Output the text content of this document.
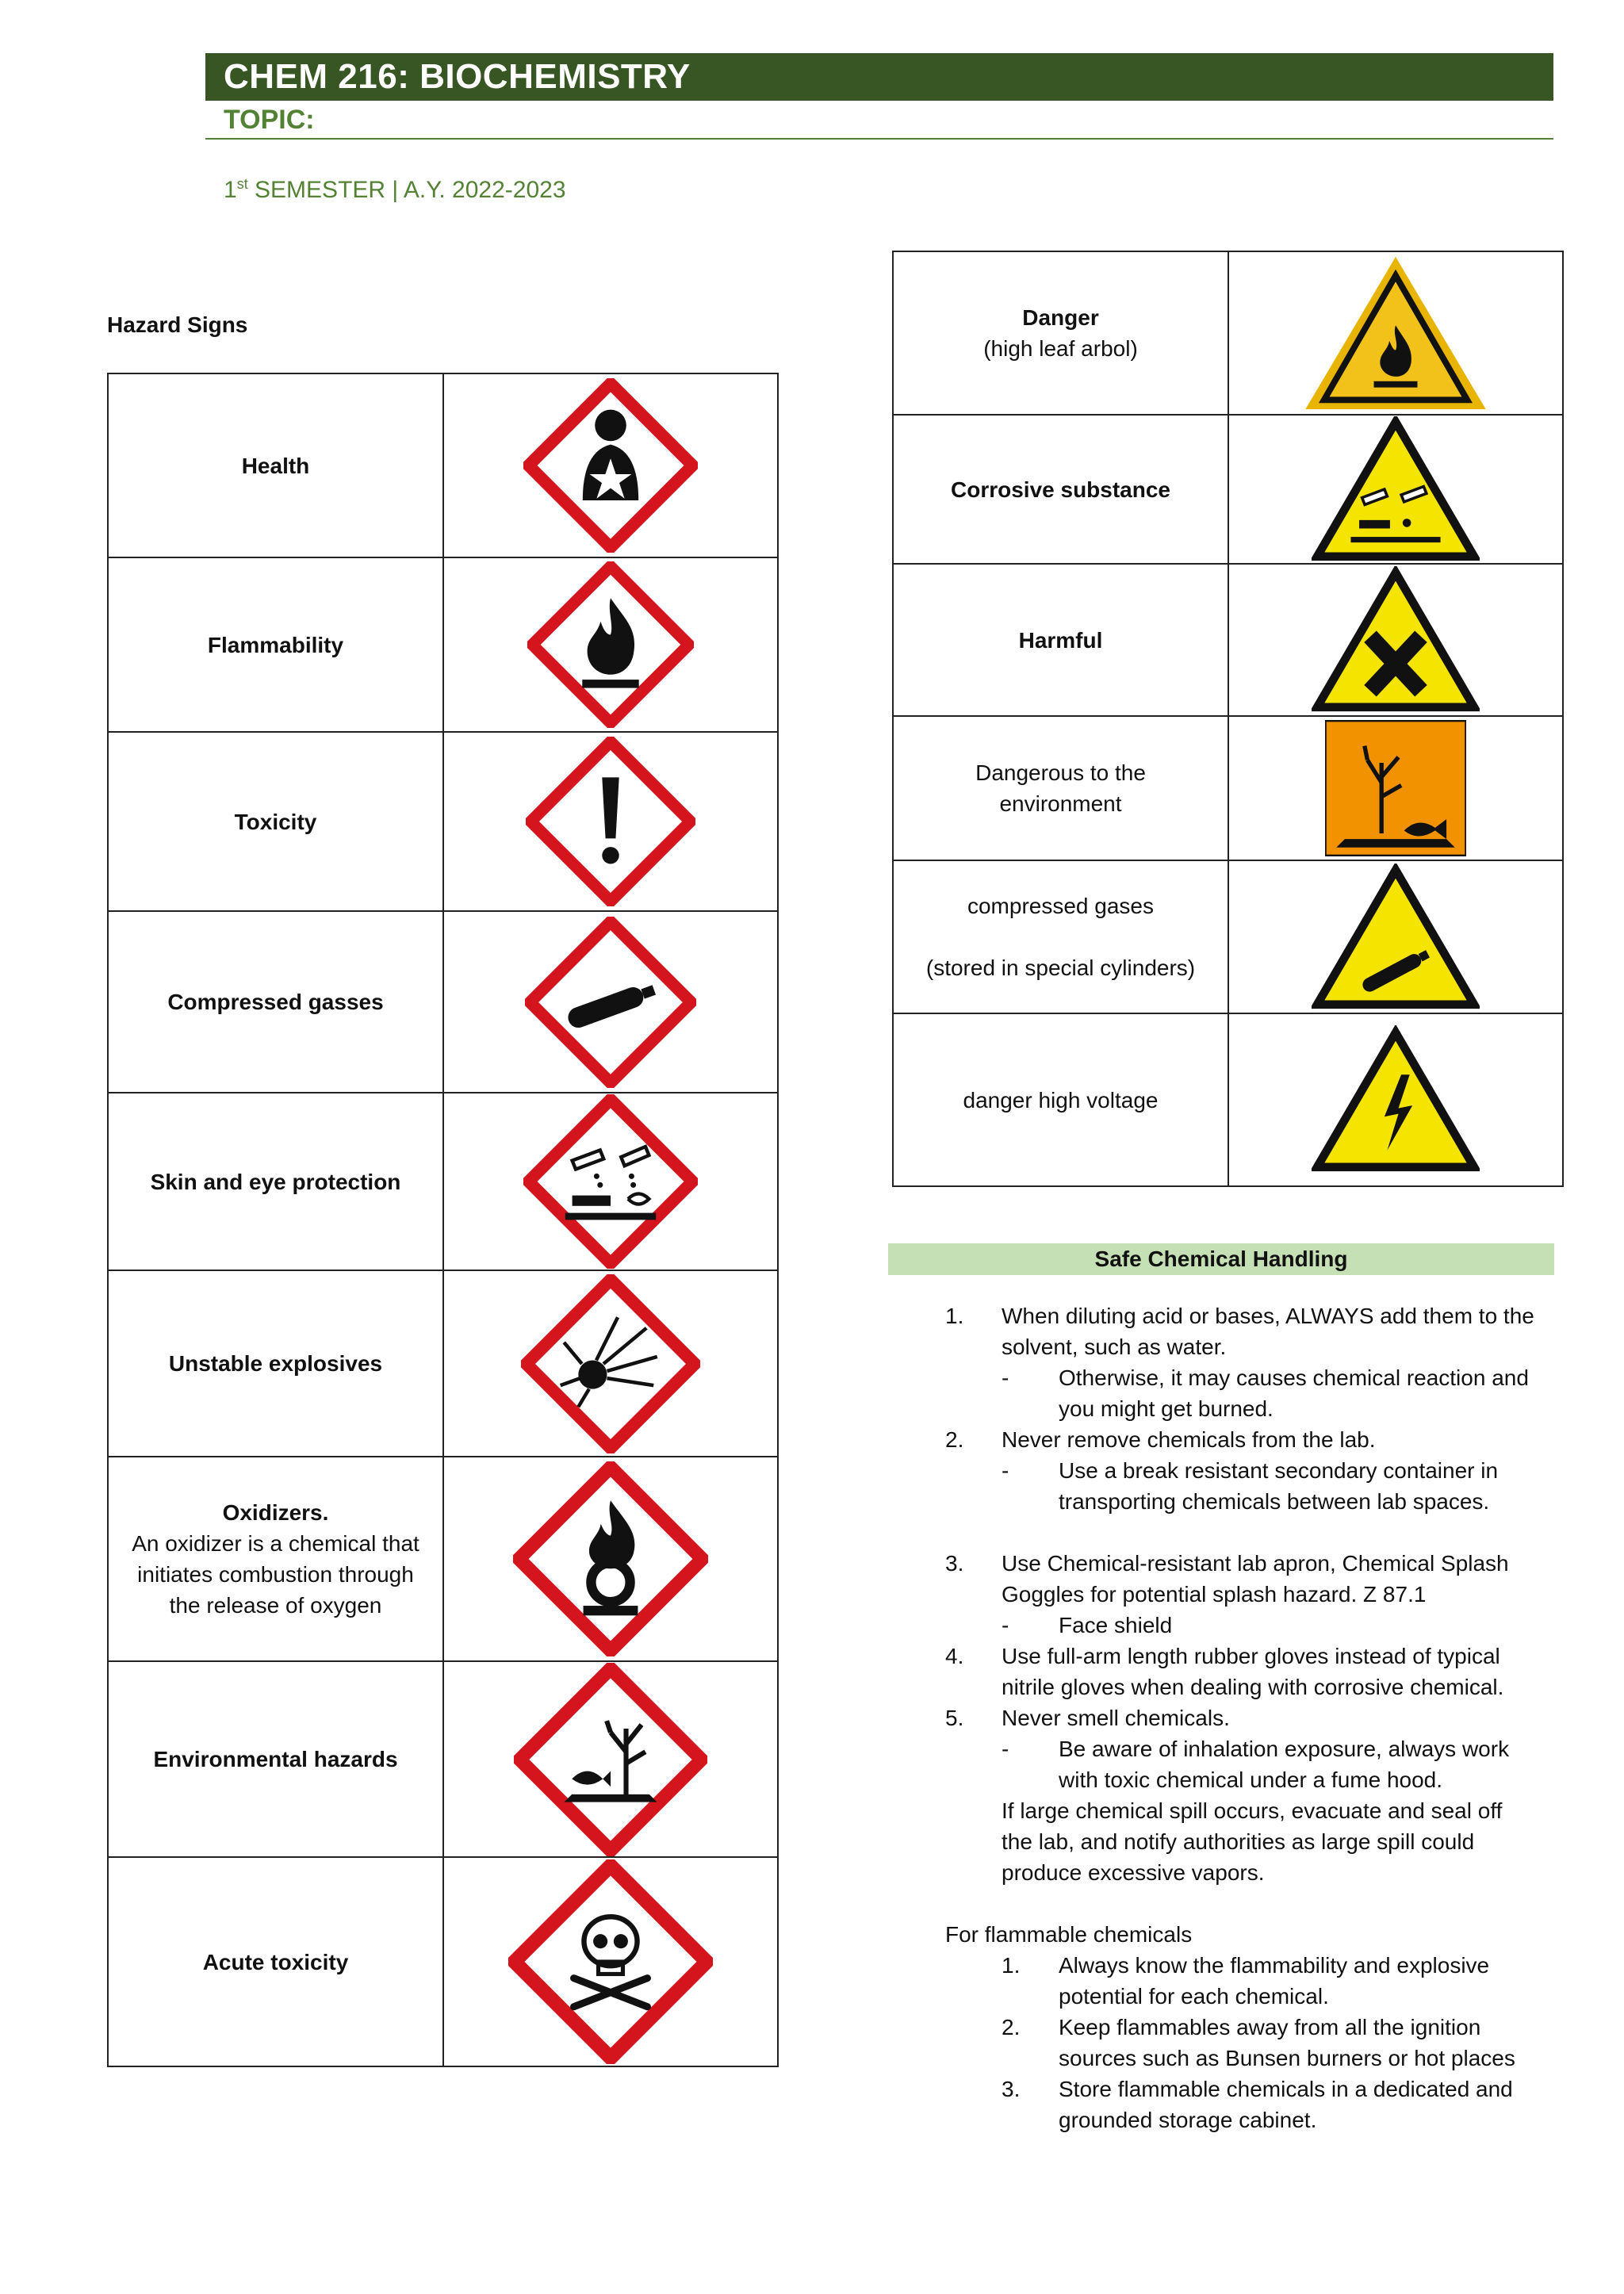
CHEM 216: BIOCHEMISTRY
TOPIC:
1st SEMESTER | A.Y. 2022-2023
Hazard Signs
Health	

Flammability	

Toxicity	

Compressed gasses	

Skin and eye protection	

Unstable explosives	

Oxidizers.
An oxidizer is a chemical that initiates combustion through the release of oxygen

Environmental hazards	

Acute toxicity	
Danger
(high leaf arbol)

Corrosive substance	

Harmful	

Dangerous to the
environment

compressed gases
(stored in special cylinders)

danger high voltage	
Safe Chemical Handling
1. When diluting acid or bases, ALWAYS add them to the
solvent, such as water.
- Otherwise, it may causes chemical reaction and
you might get burned.
2. Never remove chemicals from the lab.
- Use a break resistant secondary container in
transporting chemicals between lab spaces.
3. Use Chemical-resistant lab apron, Chemical Splash
Goggles for potential splash hazard. Z 87.1
- Face shield
4. Use full-arm length rubber gloves instead of typical
nitrile gloves when dealing with corrosive chemical.
5. Never smell chemicals.
- Be aware of inhalation exposure, always work
with toxic chemical under a fume hood.
If large chemical spill occurs, evacuate and seal off
the lab, and notify authorities as large spill could
produce excessive vapors.
For flammable chemicals
1. Always know the flammability and explosive
potential for each chemical.
2. Keep flammables away from all the ignition
sources such as Bunsen burners or hot places
3. Store flammable chemicals in a dedicated and
grounded storage cabinet.
